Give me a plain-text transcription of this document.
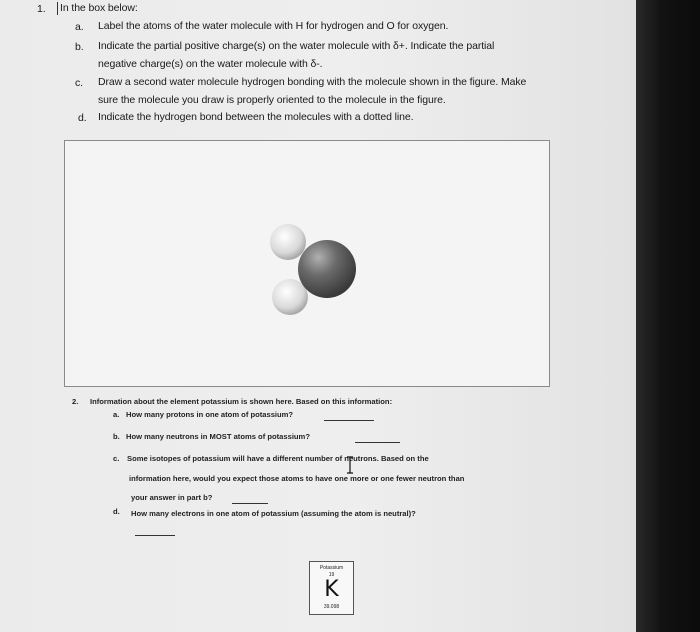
1. In the box below:
a. Label the atoms of the water molecule with H for hydrogen and O for oxygen.
b. Indicate the partial positive charge(s) on the water molecule with δ+. Indicate the partial
negative charge(s) on the water molecule with δ-.
c. Draw a second water molecule hydrogen bonding with the molecule shown in the figure. Make
sure the molecule you draw is properly oriented to the molecule in the figure.
d. Indicate the hydrogen bond between the molecules with a dotted line.
2. Information about the element potassium is shown here. Based on this information:
a. How many protons in one atom of potassium?
b. How many neutrons in MOST atoms of potassium?
c. Some isotopes of potassium will have a different number of neutrons. Based on the
information here, would you expect those atoms to have one more or one fewer neutron than
your answer in part b?
d. How many electrons in one atom of potassium (assuming the atom is neutral)?
Potassium
19
K
39.098
